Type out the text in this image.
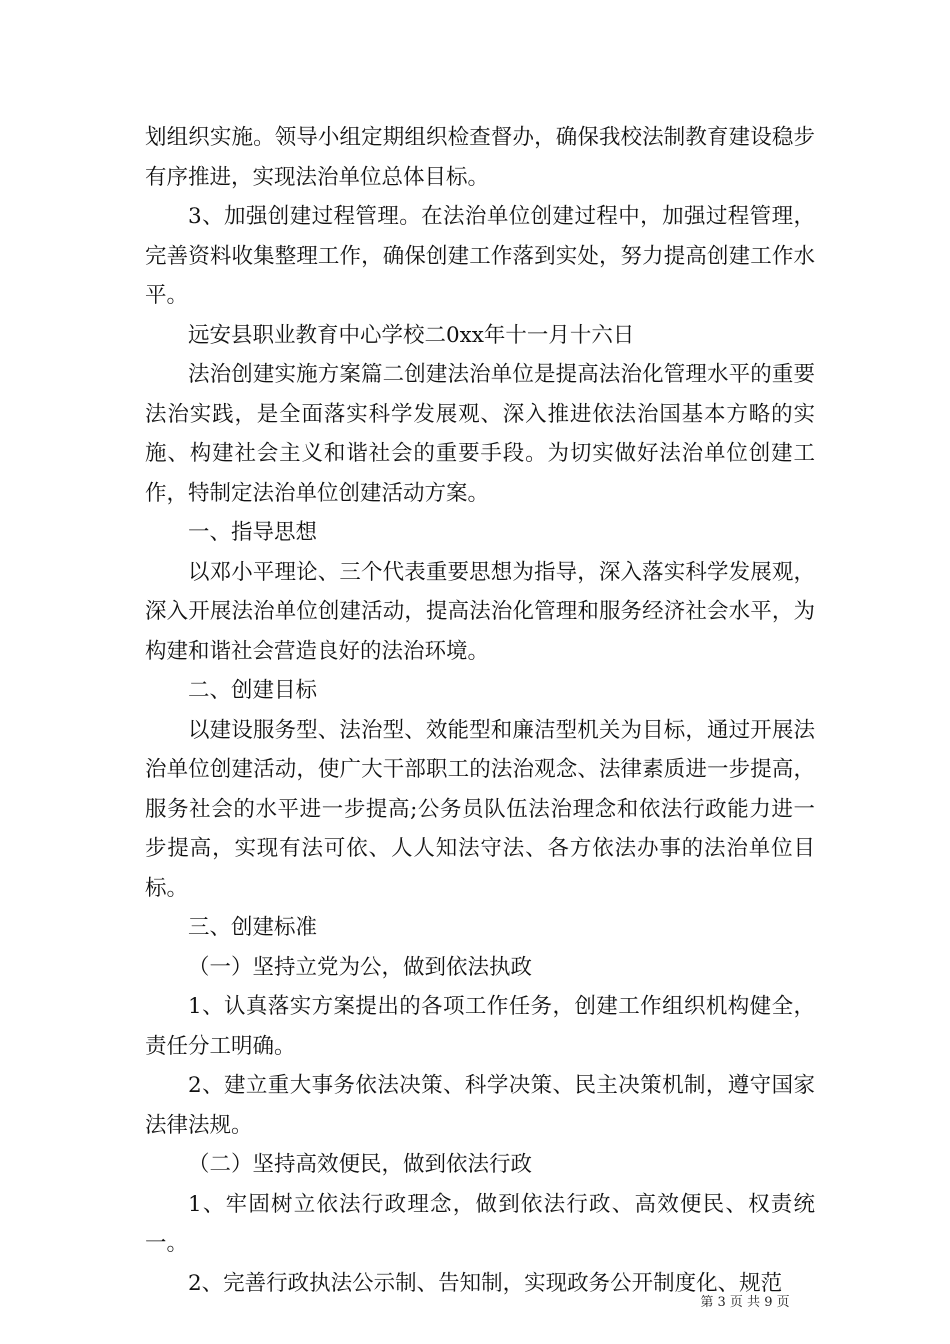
划组织实施。领导小组定期组织检查督办，确保我校法制教育建设稳步有序推进，实现法治单位总体目标。

3、加强创建过程管理。在法治单位创建过程中，加强过程管理，完善资料收集整理工作，确保创建工作落到实处，努力提高创建工作水平。

远安县职业教育中心学校二0xx年十一月十六日

法治创建实施方案篇二创建法治单位是提高法治化管理水平的重要法治实践，是全面落实科学发展观、深入推进依法治国基本方略的实施、构建社会主义和谐社会的重要手段。为切实做好法治单位创建工作，特制定法治单位创建活动方案。

一、指导思想

以邓小平理论、三个代表重要思想为指导，深入落实科学发展观，深入开展法治单位创建活动，提高法治化管理和服务经济社会水平，为构建和谐社会营造良好的法治环境。

二、创建目标

以建设服务型、法治型、效能型和廉洁型机关为目标，通过开展法治单位创建活动，使广大干部职工的法治观念、法律素质进一步提高，服务社会的水平进一步提高;公务员队伍法治理念和依法行政能力进一步提高，实现有法可依、人人知法守法、各方依法办事的法治单位目标。

三、创建标准

（一）坚持立党为公，做到依法执政

1、认真落实方案提出的各项工作任务，创建工作组织机构健全，责任分工明确。

2、建立重大事务依法决策、科学决策、民主决策机制，遵守国家法律法规。

（二）坚持高效便民，做到依法行政

1、牢固树立依法行政理念，做到依法行政、高效便民、权责统一。

2、完善行政执法公示制、告知制，实现政务公开制度化、规范

第 3 页 共 9 页
